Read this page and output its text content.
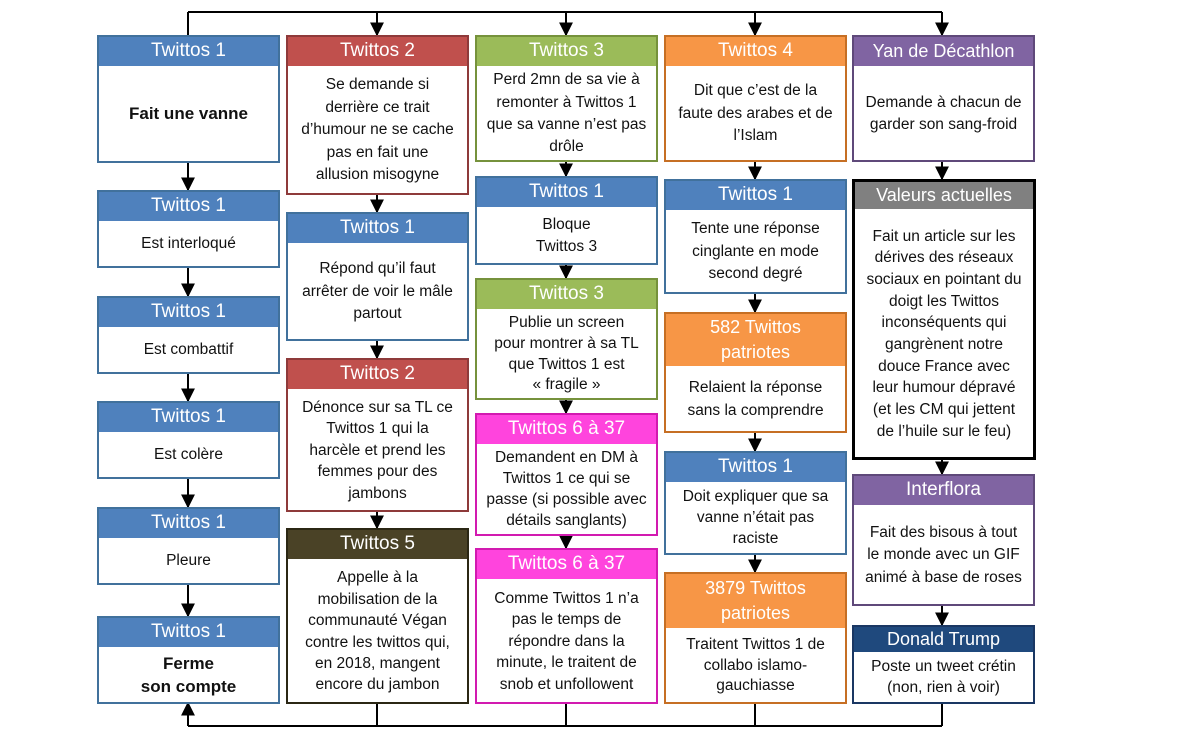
Twittos 1
Fait une vanne
Twittos 1
Est interloqué
Twittos 1
Est combattif
Twittos 1
Est colère
Twittos 1
Pleure
Twittos 1
Ferme
son compte
Twittos 2
Se demande si
derrière ce trait
d’humour ne se cache
pas en fait une
allusion misogyne
Twittos 1
Répond qu’il faut
arrêter de voir le mâle
partout
Twittos 2
Dénonce sur sa TL ce
Twittos 1 qui la
harcèle et prend les
femmes pour des
jambons
Twittos 5
Appelle à la
mobilisation de la
communauté Végan
contre les twittos qui,
en 2018, mangent
encore du jambon
Twittos 3
Perd 2mn de sa vie à
remonter à Twittos 1
que sa vanne n’est pas
drôle
Twittos 1
Bloque
Twittos 3
Twittos 3
Publie un screen
pour montrer à sa TL
que Twittos 1 est
« fragile »
Twittos 6 à 37
Demandent en DM à
Twittos 1 ce qui se
passe (si possible avec
détails sanglants)
Twittos 6 à 37
Comme Twittos 1 n’a
pas le temps de
répondre dans la
minute, le traitent de
snob et unfollowent
Twittos 4
Dit que c’est de la
faute des arabes et de
l’Islam
Twittos 1
Tente une réponse
cinglante en mode
second degré
582 Twittos
patriotes
Relaient la réponse
sans la comprendre
Twittos 1
Doit expliquer que sa
vanne n’était pas
raciste
3879 Twittos
patriotes
Traitent Twittos 1 de
collabo islamo-
gauchiasse
Yan de Décathlon
Demande à chacun de
garder son sang-froid
Valeurs actuelles
Fait un article sur les
dérives des réseaux
sociaux en pointant du
doigt les Twittos
inconséquents qui
gangrènent notre
douce France avec
leur humour dépravé
(et les CM qui jettent
de l’huile sur le feu)
Interflora
Fait des bisous à tout
le monde avec un GIF
animé à base de roses
Donald Trump
Poste un tweet crétin
(non, rien à voir)
